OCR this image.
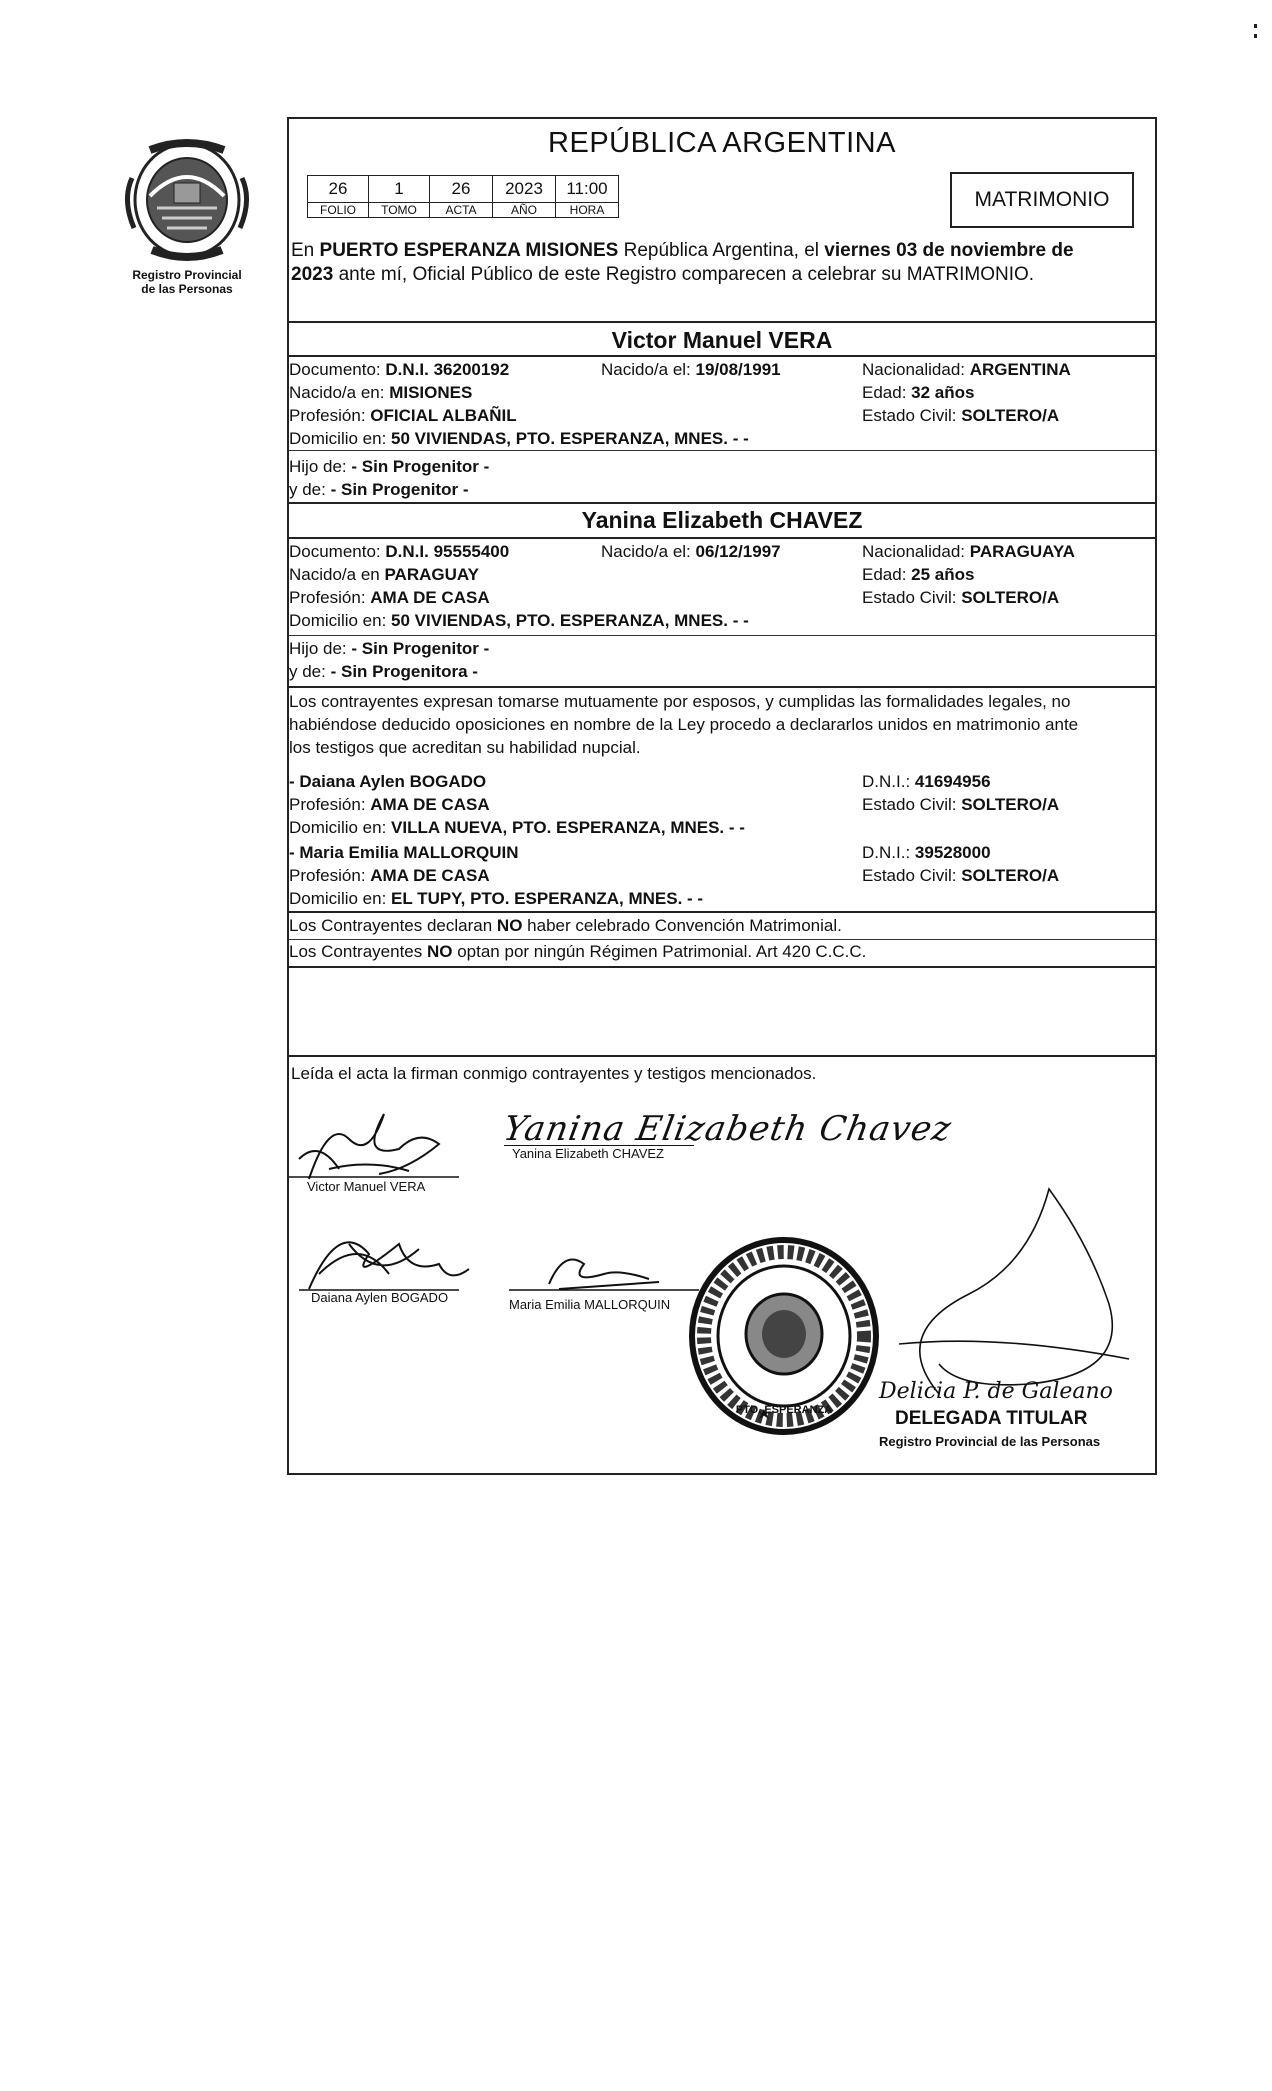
Registro Provincial
de las Personas
REPÚBLICA ARGENTINA
26	1	26	2023	11:00
FOLIO	TOMO	ACTA	AÑO	HORA	MATRIMONIO
En PUERTO ESPERANZA MISIONES República Argentina, el viernes 03 de noviembre de
2023 ante mí, Oficial Público de este Registro comparecen a celebrar su MATRIMONIO.
Victor Manuel VERA
Documento: D.N.I. 36200192	Nacido/a el: 19/08/1991	Nacionalidad: ARGENTINA
Nacido/a en: MISIONES	Edad: 32 años
Profesión: OFICIAL ALBAÑIL	Estado Civil: SOLTERO/A
Domicilio en: 50 VIVIENDAS, PTO. ESPERANZA, MNES. - -
Hijo de: - Sin Progenitor -
y de: - Sin Progenitor -
Yanina Elizabeth CHAVEZ
Documento: D.N.I. 95555400	Nacido/a el: 06/12/1997	Nacionalidad: PARAGUAYA
Nacido/a en PARAGUAY	Edad: 25 años
Profesión: AMA DE CASA	Estado Civil: SOLTERO/A
Domicilio en: 50 VIVIENDAS, PTO. ESPERANZA, MNES. - -
Hijo de: - Sin Progenitor -
y de: - Sin Progenitora -
Los contrayentes expresan tomarse mutuamente por esposos, y cumplidas las formalidades legales, no
habiéndose deducido oposiciones en nombre de la Ley procedo a declararlos unidos en matrimonio ante
los testigos que acreditan su habilidad nupcial.
- Daiana Aylen BOGADO	D.N.I.: 41694956
Profesión: AMA DE CASA	Estado Civil: SOLTERO/A
Domicilio en: VILLA NUEVA, PTO. ESPERANZA, MNES. - -
- Maria Emilia MALLORQUIN	D.N.I.: 39528000
Profesión: AMA DE CASA	Estado Civil: SOLTERO/A
Domicilio en: EL TUPY, PTO. ESPERANZA, MNES. - -
Los Contrayentes declaran NO haber celebrado Convención Matrimonial.
Los Contrayentes NO optan por ningún Régimen Patrimonial. Art 420 C.C.C.
Leída el acta la firman conmigo contrayentes y testigos mencionados.
Victor Manuel VERA
Yanina Elizabeth Chavez
Yanina Elizabeth CHAVEZ
Daiana Aylen BOGADO	Maria Emilia MALLORQUIN
PTO. ESPERANZA
Delicia P. de Galeano
DELEGADA TITULAR
Registro Provincial de las Personas
